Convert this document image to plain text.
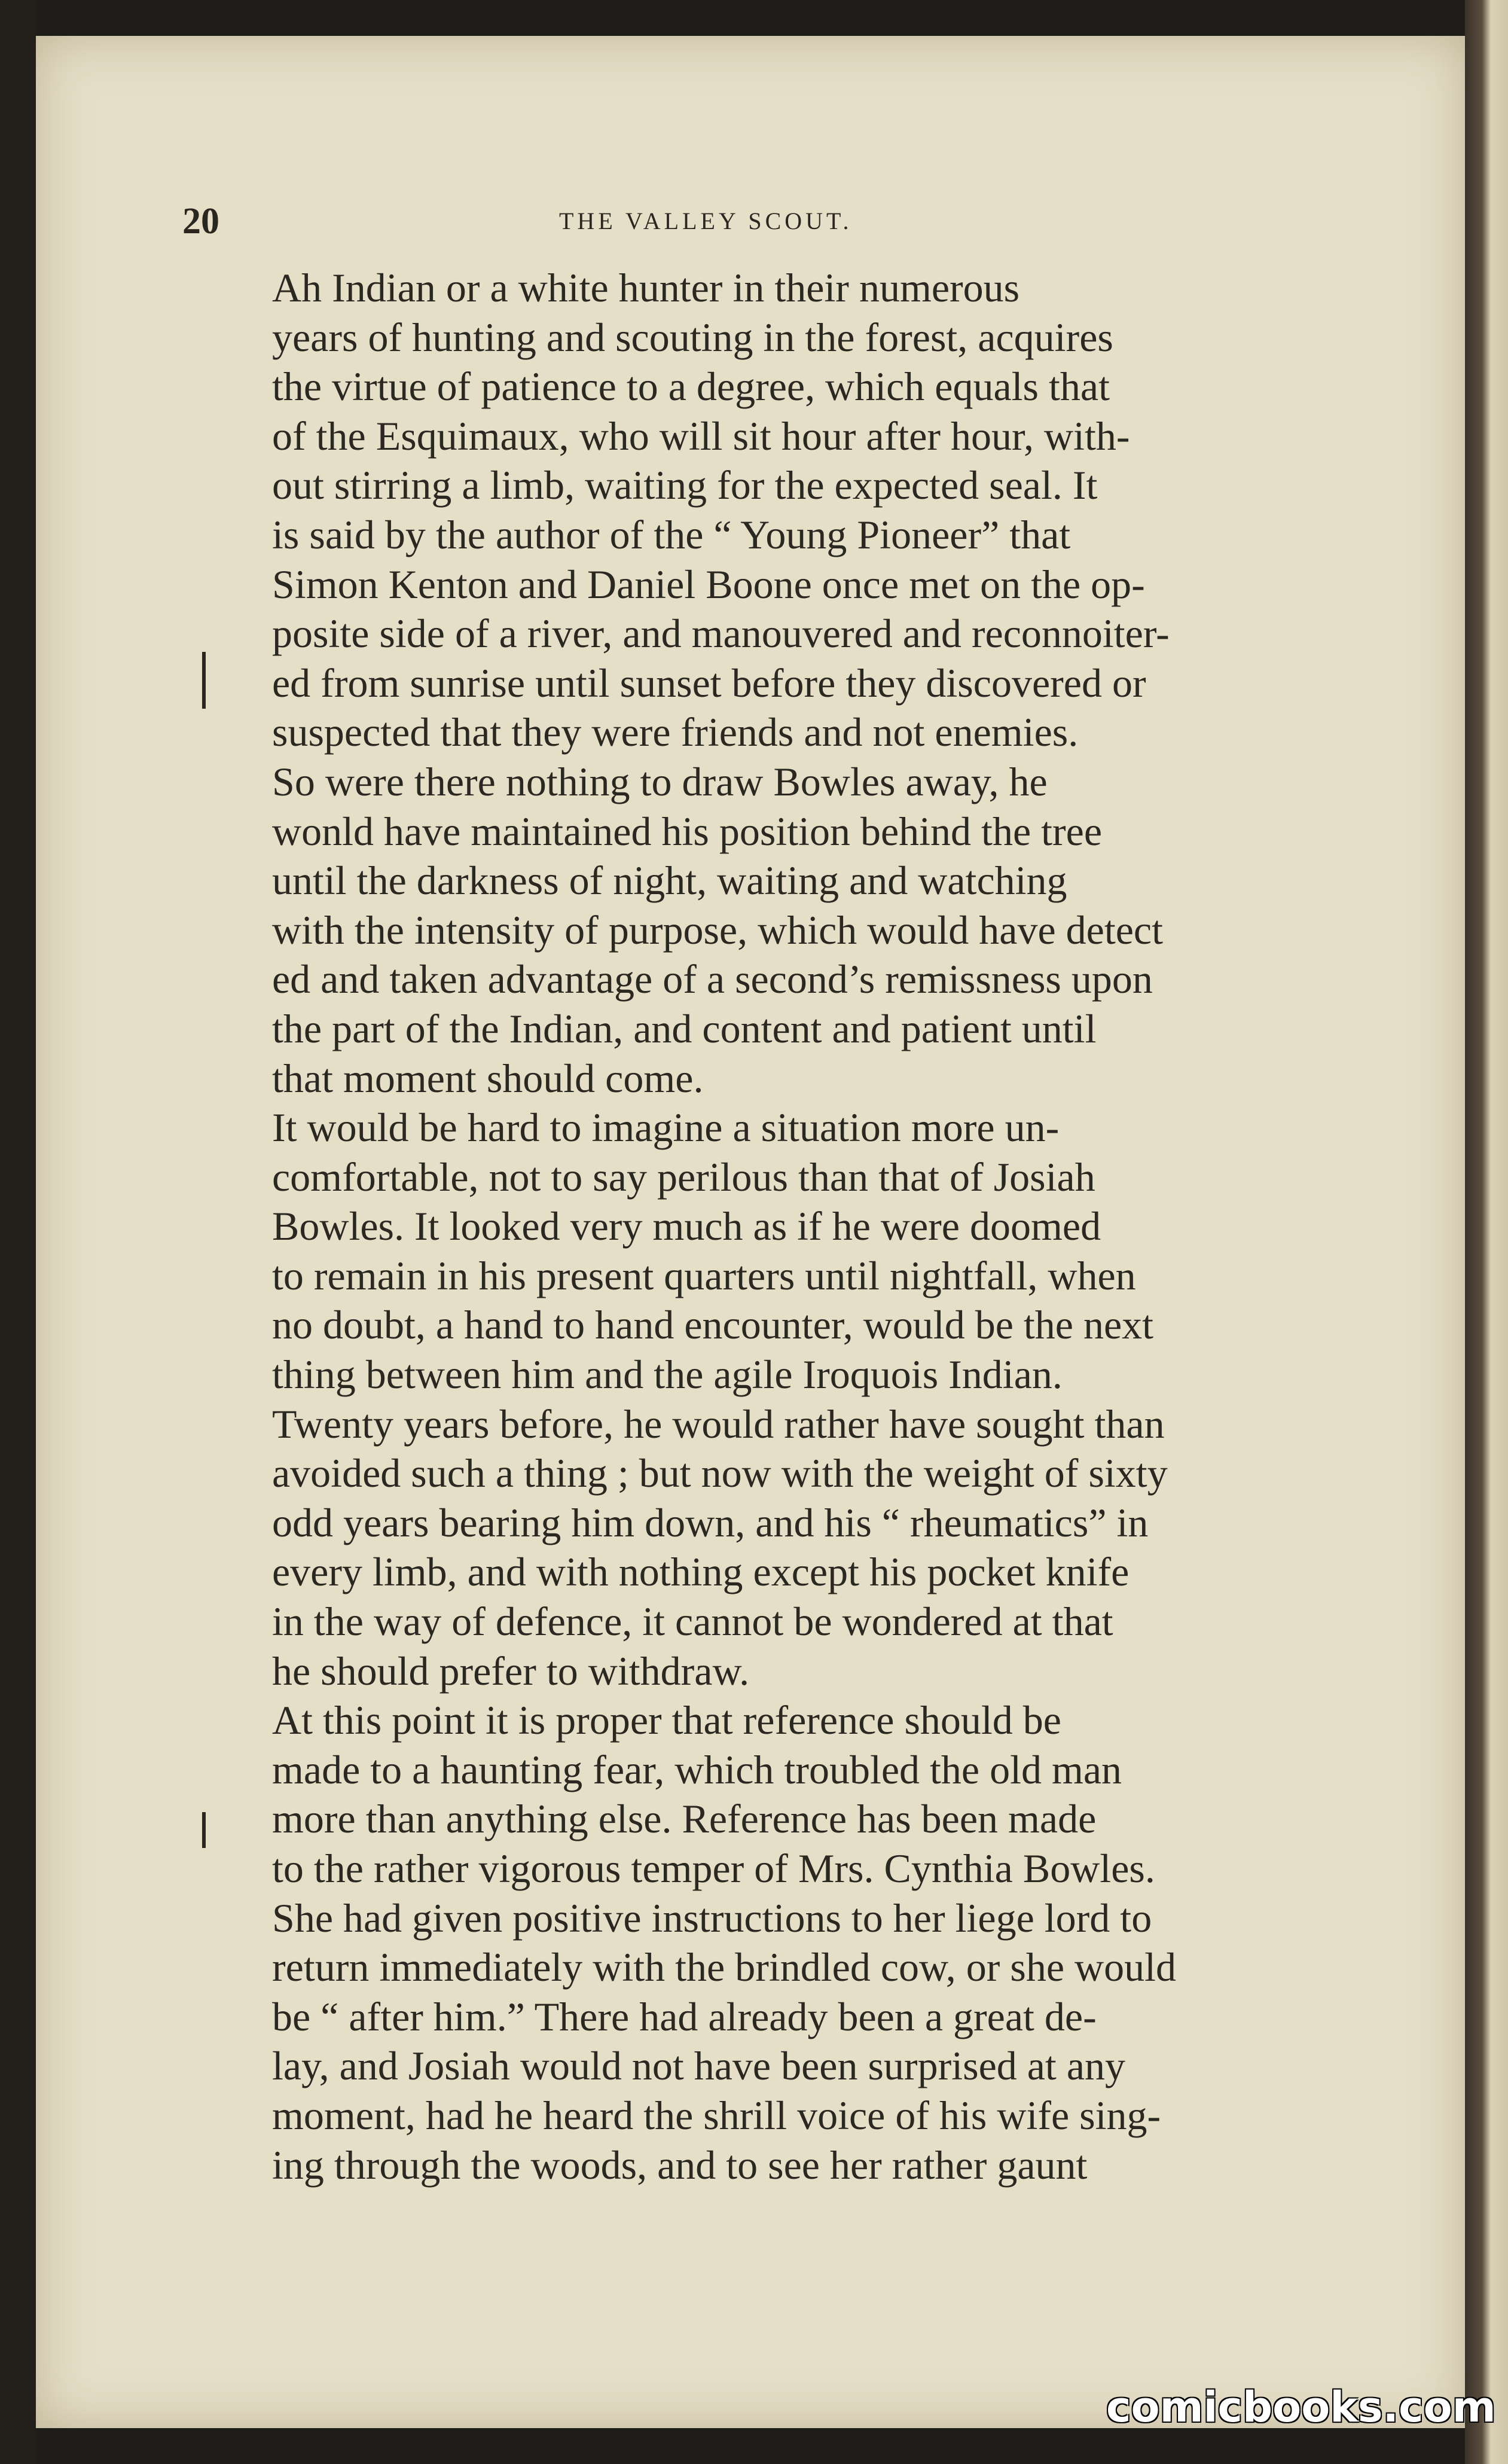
20	THE VALLEY SCOUT.

Ah Indian or a white hunter in their numerous
years of hunting and scouting in the forest, acquires
the virtue of patience to a degree, which equals that
of the Esquimaux, who will sit hour after hour, with-
out stirring a limb, waiting for the expected seal. It
is said by the author of the “ Young Pioneer” that
Simon Kenton and Daniel Boone once met on the op-
posite side of a river, and manouvered and reconnoiter-
ed from sunrise until sunset before they discovered or
suspected that they were friends and not enemies.

So were there nothing to draw Bowles away, he
wonld have maintained his position behind the tree
until the darkness of night, waiting and watching
with the intensity of purpose, which would have detect
ed and taken advantage of a second’s remissness upon
the part of the Indian, and content and patient until
that moment should come.

It would be hard to imagine a situation more un-
comfortable, not to say perilous than that of Josiah
Bowles. It looked very much as if he were doomed
to remain in his present quarters until nightfall, when
no doubt, a hand to hand encounter, would be the next
thing between him and the agile Iroquois Indian.
Twenty years before, he would rather have sought than
avoided such a thing ; but now with the weight of sixty
odd years bearing him down, and his “ rheumatics” in
every limb, and with nothing except his pocket knife
in the way of defence, it cannot be wondered at that
he should prefer to withdraw.

At this point it is proper that reference should be
made to a haunting fear, which troubled the old man
more than anything else. Reference has been made
to the rather vigorous temper of Mrs. Cynthia Bowles.
She had given positive instructions to her liege lord to
return immediately with the brindled cow, or she would
be “ after him.” There had already been a great de-
lay, and Josiah would not have been surprised at any
moment, had he heard the shrill voice of his wife sing-
ing through the woods, and to see her rather gaunt

comicbooks.com
